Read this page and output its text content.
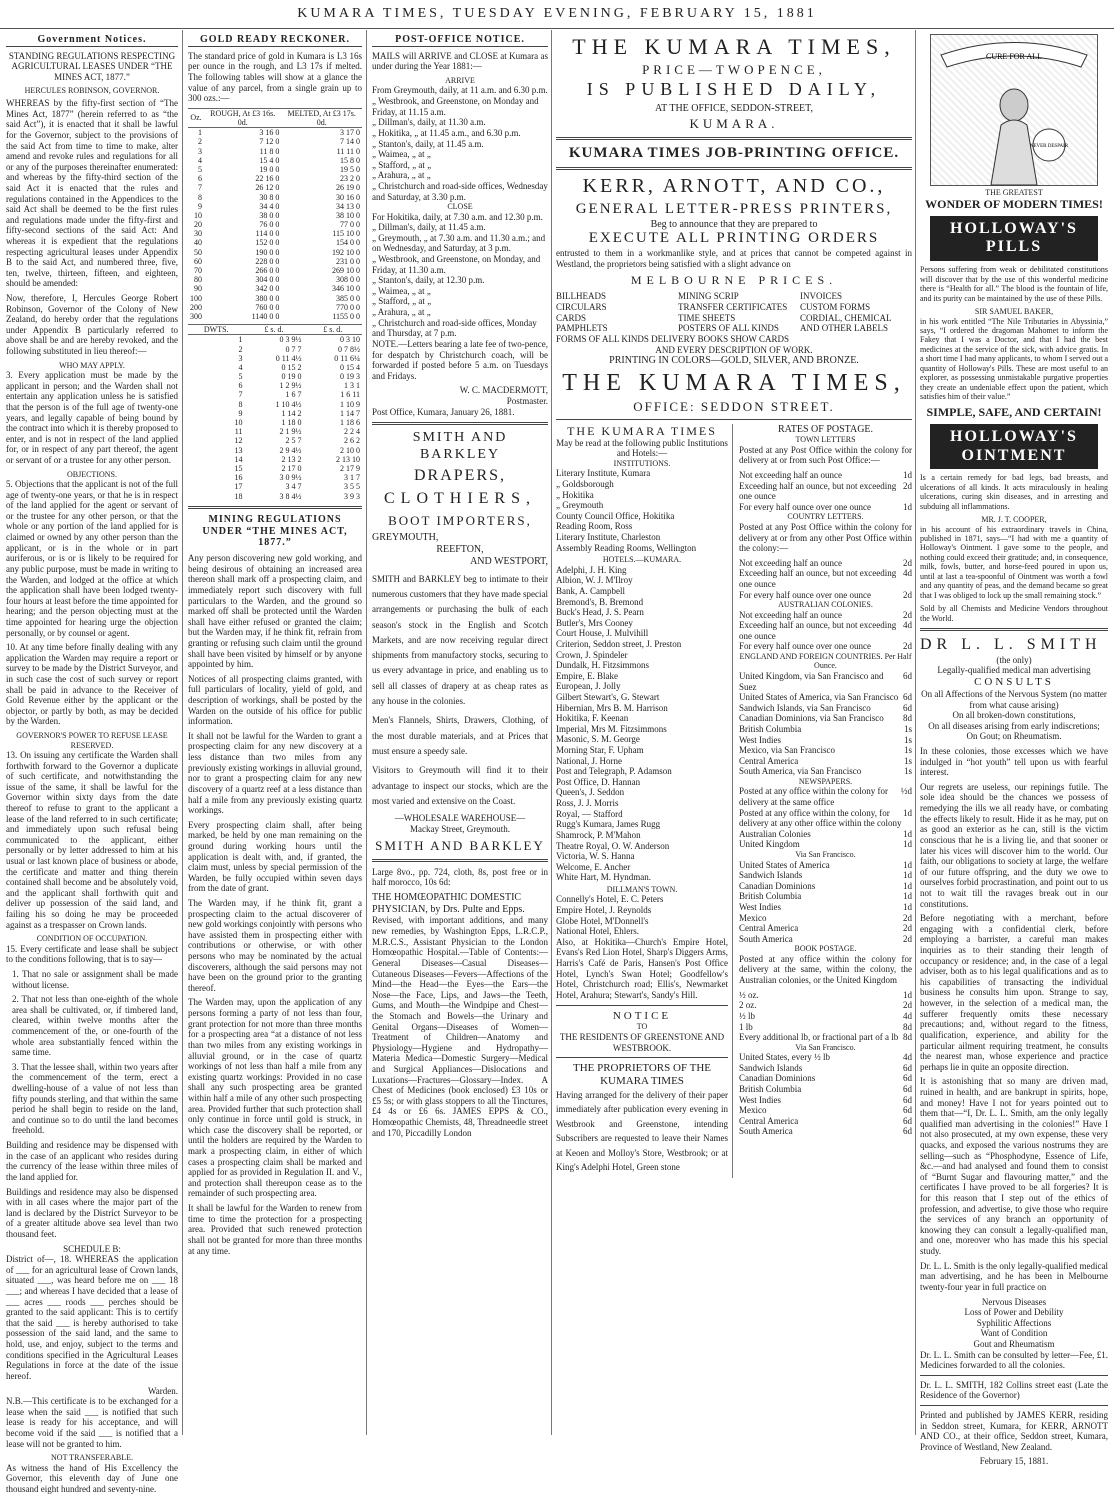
KUMARA TIMES, TUESDAY EVENING, FEBRUARY 15, 1881
Government Notices.
STANDING REGULATIONS RESPECTING AGRICULTURAL LEASES UNDER “THE MINES ACT, 1877.”
HERCULES ROBINSON, GOVERNOR.

WHEREAS by the fifty-first section of “The Mines Act, 1877” (herein referred to as “the said Act”), it is enacted that it shall be lawful for the Governor, subject to the provisions of the said Act from time to time to make, alter amend and revoke rules and regulations for all or any of the purposes thereinafter enumerated: and whereas by the fifty-third section of the said Act it is enacted that the rules and regulations contained in the Appendices to the said Act shall be deemed to be the first rules and regulations made under the fifty-first and fifty-second sections of the said Act: And whereas it is expedient that the regulations respecting agricultural leases under Appendix B to the said Act, and numbered three, five, ten, twelve, thirteen, fifteen, and eighteen, should be amended:

Now, therefore, I, Hercules George Robert Robinson, Governor of the Colony of New Zealand, do hereby order that the regulations under Appendix B particularly referred to above shall be and are hereby revoked, and the following substituted in lieu thereof:—

WHO MAY APPLY.

3. Every application must be made by the applicant in person; and the Warden shall not entertain any application unless he is satisfied that the person is of the full age of twenty-one years, and legally capable of being bound by the contract into which it is thereby proposed to enter, and is not in respect of the land applied for, or in respect of any part thereof, the agent or servant of or a trustee for any other person.

OBJECTIONS.

5. Objections that the applicant is not of the full age of twenty-one years, or that he is in respect of the land applied for the agent or servant of or the trustee for any other person, or that the whole or any portion of the land applied for is claimed or owned by any other person than the applicant, or is in the whole or in part auriferous, or is or is likely to be required for any public purpose, must be made in writing to the Warden, and lodged at the office at which the application shall have been lodged twenty-four hours at least before the time appointed for hearing; and the person objecting must at the time appointed for hearing urge the objection personally, or by counsel or agent.

10. At any time before finally dealing with any application the Warden may require a report or survey to be made by the District Surveyor, and in such case the cost of such survey or report shall be paid in advance to the Receiver of Gold Revenue either by the applicant or the objector, or partly by both, as may be decided by the Warden.

GOVERNOR'S POWER TO REFUSE LEASE RESERVED.

13. On issuing any certificate the Warden shall forthwith forward to the Governor a duplicate of such certificate, and notwithstanding the issue of the same, it shall be lawful for the Governor within sixty days from the date thereof to refuse to grant to the applicant a lease of the land referred to in such certificate; and immediately upon such refusal being communicated to the applicant, either personally or by letter addressed to him at his usual or last known place of business or abode, the certificate and matter and thing therein contained shall become and be absolutely void, and the applicant shall forthwith quit and deliver up possession of the said land, and failing his so doing he may be proceeded against as a trespasser on Crown lands.

CONDITION OF OCCUPATION.

15. Every certificate and lease shall be subject to the conditions following, that is to say—

1. That no sale or assignment shall be made without license.

2. That not less than one-eighth of the whole area shall be cultivated, or, if timbered land, cleared, within twelve months after the commencement of the, or one-fourth of the whole area substantially fenced within the same time.

3. That the lessee shall, within two years after the commencement of the term, erect a dwelling-house of a value of not less than fifty pounds sterling, and that within the same period he shall begin to reside on the land, and continue so to do until the land becomes freehold.

Building and residence may be dispensed with in the case of an applicant who resides during the currency of the lease within three miles of the land applied for.

Buildings and residence may also be dispensed with in all cases where the major part of the land is declared by the District Surveyor to be of a greater altitude above sea level than two thousand feet.

SCHEDULE B:

District of—, 18. WHEREAS the application of ___ for an agricultural lease of Crown lands, situated ___, was heard before me on ___ 18 ___; and whereas I have decided that a lease of ___ acres ___ roods ___ perches should be granted to the said applicant: This is to certify that the said ___ is hereby authorised to take possession of the said land, and the same to hold, use, and enjoy, subject to the terms and conditions specified in the Agricultural Leases Regulations in force at the date of the issue hereof.

Warden.

N.B.—This certificate is to be exchanged for a lease when the said ___ is notified that such lease is ready for his acceptance, and will become void if the said ___ is notified that a lease will not be granted to him.

NOT TRANSFERABLE.

As witness the hand of His Excellency the Governor, this eleventh day of June one thousand eight hundred and seventy-nine.

GOLD READY RECKONER.

The standard price of gold in Kumara is L3 16s per ounce in the rough, and L3 17s if melted. The following tables will show at a glance the value of any parcel, from a single grain up to 300 ozs.:—

Oz.	ROUGH, At £3 16s. 0d.	MELTED, At £3 17s. 0d.
1	3 16 0	3 17 0
2	7 12 0	7 14 0
3	11 8 0	11 11 0
4	15 4 0	15 8 0
5	19 0 0	19 5 0
6	22 16 0	23 2 0
7	26 12 0	26 19 0
8	30 8 0	30 16 0
9	34 4 0	34 13 0
10	38 0 0	38 10 0
20	76 0 0	77 0 0
30	114 0 0	115 10 0
40	152 0 0	154 0 0
50	190 0 0	192 10 0
60	228 0 0	231 0 0
70	266 0 0	269 10 0
80	304 0 0	308 0 0
90	342 0 0	346 10 0
100	380 0 0	385 0 0
200	760 0 0	770 0 0
300	1140 0 0	1155 0 0
DWTS.	£ s. d.	£ s. d.
1	0 3 9½	0 3 10
2	0 7 7	0 7 8½
3	0 11 4½	0 11 6¼
4	0 15 2	0 15 4
5	0 19 0	0 19 3
6	1 2 9½	1 3 1
7	1 6 7	1 6 11
8	1 10 4½	1 10 9
9	1 14 2	1 14 7
10	1 18 0	1 18 6
11	2 1 9½	2 2 4
12	2 5 7	2 6 2
13	2 9 4½	2 10 0
14	2 13 2	2 13 10
15	2 17 0	2 17 9
16	3 0 9½	3 1 7
17	3 4 7	3 5 5
18	3 8 4½	3 9 3
MINING REGULATIONS UNDER “THE MINES ACT, 1877.”

Any person discovering new gold working, and being desirous of obtaining an increased area thereon shall mark off a prospecting claim, and immediately report such discovery with full particulars to the Warden, and the ground so marked off shall be protected until the Warden shall have either refused or granted the claim; but the Warden may, if he think fit, refrain from granting or refusing such claim until the ground shall have been visited by himself or by anyone appointed by him.

Notices of all prospecting claims granted, with full particulars of locality, yield of gold, and description of workings, shall be posted by the Warden on the outside of his office for public information.

It shall not be lawful for the Warden to grant a prospecting claim for any new discovery at a less distance than two miles from any previously existing workings in alluvial ground, nor to grant a prospecting claim for any new discovery of a quartz reef at a less distance than half a mile from any previously existing quartz workings.

Every prospecting claim shall, after being marked, be held by one man remaining on the ground during working hours until the application is dealt with, and, if granted, the claim must, unless by special permission of the Warden, be fully occupied within seven days from the date of grant.

The Warden may, if he think fit, grant a prospecting claim to the actual discoverer of new gold workings conjointly with persons who have assisted them in prospecting either with contributions or otherwise, or with other persons who may be nominated by the actual discoverers, although the said persons may not have been on the ground prior to the granting thereof.

The Warden may, upon the application of any persons forming a party of not less than four, grant protection for not more than three months for a prospecting area “at a distance of not less than two miles from any existing workings in alluvial ground, or in the case of quartz workings of not less than half a mile from any existing quartz workings: Provided in no case shall any such prospecting area be granted within half a mile of any other such prospecting area. Provided further that such protection shall only continue in force until gold is struck, in which case the discovery shall be reported, or until the holders are required by the Warden to mark a prospecting claim, in either of which cases a prospecting claim shall be marked and applied for as provided in Regulation II. and V., and protection shall thereupon cease as to the remainder of such prospecting area.

It shall be lawful for the Warden to renew from time to time the protection for a prospecting area. Provided that such renewed protection shall not be granted for more than three months at any time.

POST-OFFICE NOTICE.

MAILS will ARRIVE and CLOSE at Kumara as under during the Year 1881:—

ARRIVE
From Greymouth, daily, at 11 a.m. and 6.30 p.m.
„ Westbrook, and Greenstone, on Monday and Friday, at 11.15 a.m.
„ Dillman's, daily, at 11.30 a.m.
„ Hokitika, „ at 11.45 a.m., and 6.30 p.m.
„ Stanton's, daily, at 11.45 a.m.
„ Waimea, „ at „
„ Stafford, „ at „
„ Arahura, „ at „
„ Christchurch and road-side offices, Wednesday and Saturday, at 3.30 p.m.
CLOSE
For Hokitika, daily, at 7.30 a.m. and 12.30 p.m.
„ Dillman's, daily, at 11.45 a.m.
„ Greymouth, „ at 7.30 a.m. and 11.30 a.m.; and on Wednesday, and Saturday, at 3 p.m.
„ Westbrook, and Greenstone, on Monday, and Friday, at 11.30 a.m.
„ Stanton's, daily, at 12.30 p.m.
„ Waimea, „ at „
„ Stafford, „ at „
„ Arahura, „ at „
„ Christchurch and road-side offices, Monday and Thursday, at 7 p.m.

NOTE.—Letters bearing a late fee of two-pence, for despatch by Christchurch coach, will be forwarded if posted before 5 a.m. on Tuesdays and Fridays.

W. C. MACDERMOTT,
Postmaster.
Post Office, Kumara, January 26, 1881.
SMITH AND BARKLEY
DRAPERS,
CLOTHIERS,
BOOT IMPORTERS,
GREYMOUTH,
REEFTON,
AND WESTPORT,

SMITH and BARKLEY beg to intimate to their numerous customers that they have made special arrangements or purchasing the bulk of each season's stock in the English and Scotch Markets, and are now receiving regular direct shipments from manufactory stocks, securing to us every advantage in price, and enabling us to sell all classes of drapery at as cheap rates as any house in the colonies.

Men's Flannels, Shirts, Drawers, Clothing, of the most durable materials, and at Prices that must ensure a speedy sale.

Visitors to Greymouth will find it to their advantage to inspect our stocks, which are the most varied and extensive on the Coast.

—WHOLESALE WAREHOUSE—
Mackay Street, Greymouth.
SMITH AND BARKLEY

Large 8vo., pp. 724, cloth, 8s, post free or in half morocco, 10s 6d:

THE HOMŒOPATHIC DOMESTIC PHYSICIAN, by Drs. Pulte and Epps.

Revised, with important additions, and many new remedies, by Washington Epps, L.R.C.P., M.R.C.S., Assistant Physician to the London Homœopathic Hospital.—Table of Contents:—General Diseases—Casual Diseases—Cutaneous Diseases—Fevers—Affections of the Mind—the Head—the Eyes—the Ears—the Nose—the Face, Lips, and Jaws—the Teeth, Gums, and Mouth—the Windpipe and Chest—the Stomach and Bowels—the Urinary and Genital Organs—Diseases of Women—Treatment of Children—Anatomy and Physiology—Hygiene and Hydropathy—Materia Medica—Domestic Surgery—Medical and Surgical Appliances—Dislocations and Luxations—Fractures—Glossary—Index. A Chest of Medicines (book enclosed) £3 10s or £5 5s; or with glass stoppers to all the Tinctures, £4 4s or £6 6s. JAMES EPPS & CO., Homœopathic Chemists, 48, Threadneedle street and 170, Piccadilly London

THE KUMARA TIMES,
PRICE—TWOPENCE,
IS PUBLISHED DAILY,
AT THE OFFICE, SEDDON-STREET,
KUMARA.
KUMARA TIMES JOB-PRINTING OFFICE.
KERR, ARNOTT, AND CO.,
GENERAL LETTER-PRESS PRINTERS,
Beg to announce that they are prepared to
EXECUTE ALL PRINTING ORDERS

entrusted to them in a workmanlike style, and at prices that cannot be competed against in Westland, the proprietors being satisfied with a slight advance on

MELBOURNE PRICES.
BILLHEADS
CIRCULARS
CARDS
PAMPHLETS
MINING SCRIP
TRANSFER CERTIFICATES
TIME SHEETS
POSTERS OF ALL KINDS
INVOICES
CUSTOM FORMS
CORDIAL, CHEMICAL
AND OTHER LABELS
FORMS OF ALL KINDS DELIVERY BOOKS SHOW CARDS
AND EVERY DESCRIPTION OF WORK.
PRINTING IN COLORS—GOLD, SILVER, AND BRONZE.
THE KUMARA TIMES,
OFFICE: SEDDON STREET.
THE KUMARA TIMES
May be read at the following public Institutions and Hotels:—
INSTITUTIONS.
Literary Institute, Kumara
„ Goldsborough
„ Hokitika
„ Greymouth
County Council Office, Hokitika
Reading Room, Ross
Literary Institute, Charleston
Assembly Reading Rooms, Wellington
HOTELS.—KUMARA.
Adelphi, J. H. King
Albion, W. J. M'Ilroy
Bank, A. Campbell
Bremond's, B. Bremond
Buck's Head, J. S. Pearn
Butler's, Mrs Cooney
Court House, J. Mulvihill
Criterion, Seddon street, J. Preston
Crown, J. Spindeler
Dundalk, H. Fitzsimmons
Empire, E. Blake
European, J. Jolly
Gilbert Stewart's, G. Stewart
Hibernian, Mrs B. M. Harrison
Hokitika, F. Keenan
Imperial, Mrs M. Fitzsimmons
Masonic, S. M. George
Morning Star, F. Upham
National, J. Horne
Post and Telegraph, P. Adamson
Post Office, D. Hannan
Queen's, J. Seddon
Ross, J. J. Morris
Royal, — Stafford
Rugg's Kumara, James Rugg
Shamrock, P. M'Mahon
Theatre Royal, O. W. Anderson
Victoria, W. S. Hanna
Welcome, E. Ancher
White Hart, M. Hyndman.
DILLMAN'S TOWN.
Connelly's Hotel, E. C. Peters
Empire Hotel, J. Reynolds
Globe Hotel, M'Donnell's
National Hotel, Ehlers.

Also, at Hokitika—Church's Empire Hotel, Evans's Red Lion Hotel, Sharp's Diggers Arms, Harris's Café de Paris, Hansen's Post Office Hotel, Lynch's Swan Hotel; Goodfellow's Hotel, Christchurch road; Ellis's, Newmarket Hotel, Arahura; Stewart's, Sandy's Hill.

NOTICE
TO
THE RESIDENTS OF GREENSTONE AND WESTBROOK.
THE PROPRIETORS OF THE KUMARA TIMES

Having arranged for the delivery of their paper immediately after publication every evening in Westbrook and Greenstone, intending Subscribers are requested to leave their Names at Keoen and Molloy's Store, Westbrook; or at King's Adelphi Hotel, Green stone

RATES OF POSTAGE.
TOWN LETTERS

Posted at any Post Office within the colony for delivery at or from such Post Office:—

Not exceeding half an ounce	1d
Exceeding half an ounce, but not exceeding one ounce
2d
For every half ounce over one ounce	1d
COUNTRY LETTERS.

Posted at any Post Office within the colony for delivery at or from any other Post Office within the colony:—

Not exceeding half an ounce	2d
Exceeding half an ounce, but not exceeding one ounce
4d
For every half ounce over one ounce	2d
AUSTRALIAN COLONIES.
Not exceeding half an ounce	2d
Exceeding half an ounce, but not exceeding one ounce
4d
For every half ounce over one ounce	2d
ENGLAND AND FOREIGN COUNTRIES. Per Half Ounce.
United Kingdom, via San Francisco and Suez
6d
United States of America, via San Francisco 6d
Sandwich Islands, via San Francisco	6d
Canadian Dominions, via San Francisco 8d
British Columbia	1s
West Indies	1s
Mexico, via San Francisco	1s
Central America	1s
South America, via San Francisco	1s
NEWSPAPERS.
Posted at any office within the colony for delivery at the same office
½d
Posted at any office within the colony, for delivery at any other office within the colony
1d
Australian Colonies	1d
United Kingdom	1d
Via San Francisco.
United States of America	1d
Sandwich Islands	1d
Canadian Dominions	1d
British Columbia	1d
West Indies	1d
Mexico	2d
Central America	2d
South America	2d
BOOK POSTAGE.

Posted at any office within the colony for delivery at the same, within the colony, the Australian colonies, or the United Kingdom

½ oz.	1d
2 oz.	2d
½ lb	4d
1 lb	8d
Every additional lb, or fractional part of a lb 8d
Via San Francisco.
United States, every ½ lb	4d
Sandwich Islands	6d
Canadian Dominions	6d
British Columbia	6d
West Indies	6d
Mexico	6d
Central America	6d
South America	6d
CURE FOR ALL
NEVER DESPAIR
THE GREATEST
WONDER OF MODERN TIMES!
HOLLOWAY'S PILLS

Persons suffering from weak or debilitated constitutions will discover that by the use of this wonderful medicine there is “Health for all.” The blood is the fountain of life, and its purity can be maintained by the use of these Pills.

SIR SAMUEL BAKER,

in his work entitled “The Nile Tributaries in Abyssinia,” says, “I ordered the dragoman Mahomet to inform the Fakey that I was a Doctor, and that I had the best medicines at the service of the sick, with advice gratis. In a short time I had many applicants, to whom I served out a quantity of Holloway's Pills. These are most useful to an explorer, as possessing unmistakable purgative properties they create an undeniable effect upon the patient, which satisfies him of their value.”

SIMPLE, SAFE, AND CERTAIN!
HOLLOWAY'S OINTMENT

Is a certain remedy for bad legs, bad breasts, and ulcerations of all kinds. It acts miraculously in healing ulcerations, curing skin diseases, and in arresting and subduing all inflammations.

MR. J. T. COOPER,

in his account of his extraordinary travels in China, published in 1871, says—“I had with me a quantity of Holloway's Ointment. I gave some to the people, and nothing could exceed their gratitude; and, in consequence, milk, fowls, butter, and horse-feed poured in upon us, until at last a tea-spoonful of Ointment was worth a fowl and any quantity of peas, and the demand became so great that I was obliged to lock up the small remaining stock.”

Sold by all Chemists and Medicine Vendors throughout the World.

DR L. L. SMITH
(the only)
Legally-qualified medical man advertising
CONSULTS
On all Affections of the Nervous System (no matter from what cause arising)
On all broken-down constitutions,
On all diseases arising from early indiscretions;
On Gout; on Rheumatism.

In these colonies, those excesses which we have indulged in “hot youth” tell upon us with fearful interest.

Our regrets are useless, our repinings futile. The sole idea should be the chances we possess of remedying the ills we all ready have, or combating the effects likely to result. Hide it as he may, put on as good an exterior as he can, still is the victim conscious that he is a living lie, and that sooner or later his vices will discover him to the world. Our faith, our obligations to society at large, the welfare of our future offspring, and the duty we owe to ourselves forbid procrastination, and point out to us not to wait till the ravages break out in our constitutions.

Before negotiating with a merchant, before engaging with a confidential clerk, before employing a barrister, a careful man makes inquiries as to their standing their length of occupancy or residence; and, in the case of a legal adviser, both as to his legal qualifications and as to his capabilities of transacting the individual business he consults him upon. Strange to say, however, in the selection of a medical man, the sufferer frequently omits these necessary precautions; and, without regard to the fitness, qualification, experience, and ability for the particular ailment requiring treatment, he consults the nearest man, whose experience and practice perhaps lie in quite an opposite direction.

It is astonishing that so many are driven mad, ruined in health, and are bankrupt in spirits, hope, and money! Have I not for years pointed out to them that—“I, Dr. L. L. Smith, am the only legally qualified man advertising in the colonies!” Have I not also prosecuted, at my own expense, these very quacks, and exposed the various nostrums they are selling—such as “Phosphodyne, Essence of Life, &c.—and had analysed and found them to consist of “Burnt Sugar and flavouring matter,” and the certificates I have proved to be all forgeries? It is for this reason that I step out of the ethics of profession, and advertise, to give those who require the services of any branch an opportunity of knowing they can consult a legally-qualified man, and one, moreover who has made this his special study.

Dr. L. L. Smith is the only legally-qualified medical man advertising, and he has been in Melbourne twenty-four year in full practice on

Nervous Diseases
Loss of Power and Debility
Syphilitic Affections
Want of Condition
Gout and Rheumatism

Dr. L. L. Smith can be consulted by letter—Fee, £1. Medicines forwarded to all the colonies.

Dr. L. L. SMITH, 182 Collins street east (Late the Residence of the Governor)

Printed and published by JAMES KERR, residing in Seddon street, Kumara, for KERR, ARNOTT AND CO., at their office, Seddon street, Kumara, Province of Westland, New Zealand.

February 15, 1881.
